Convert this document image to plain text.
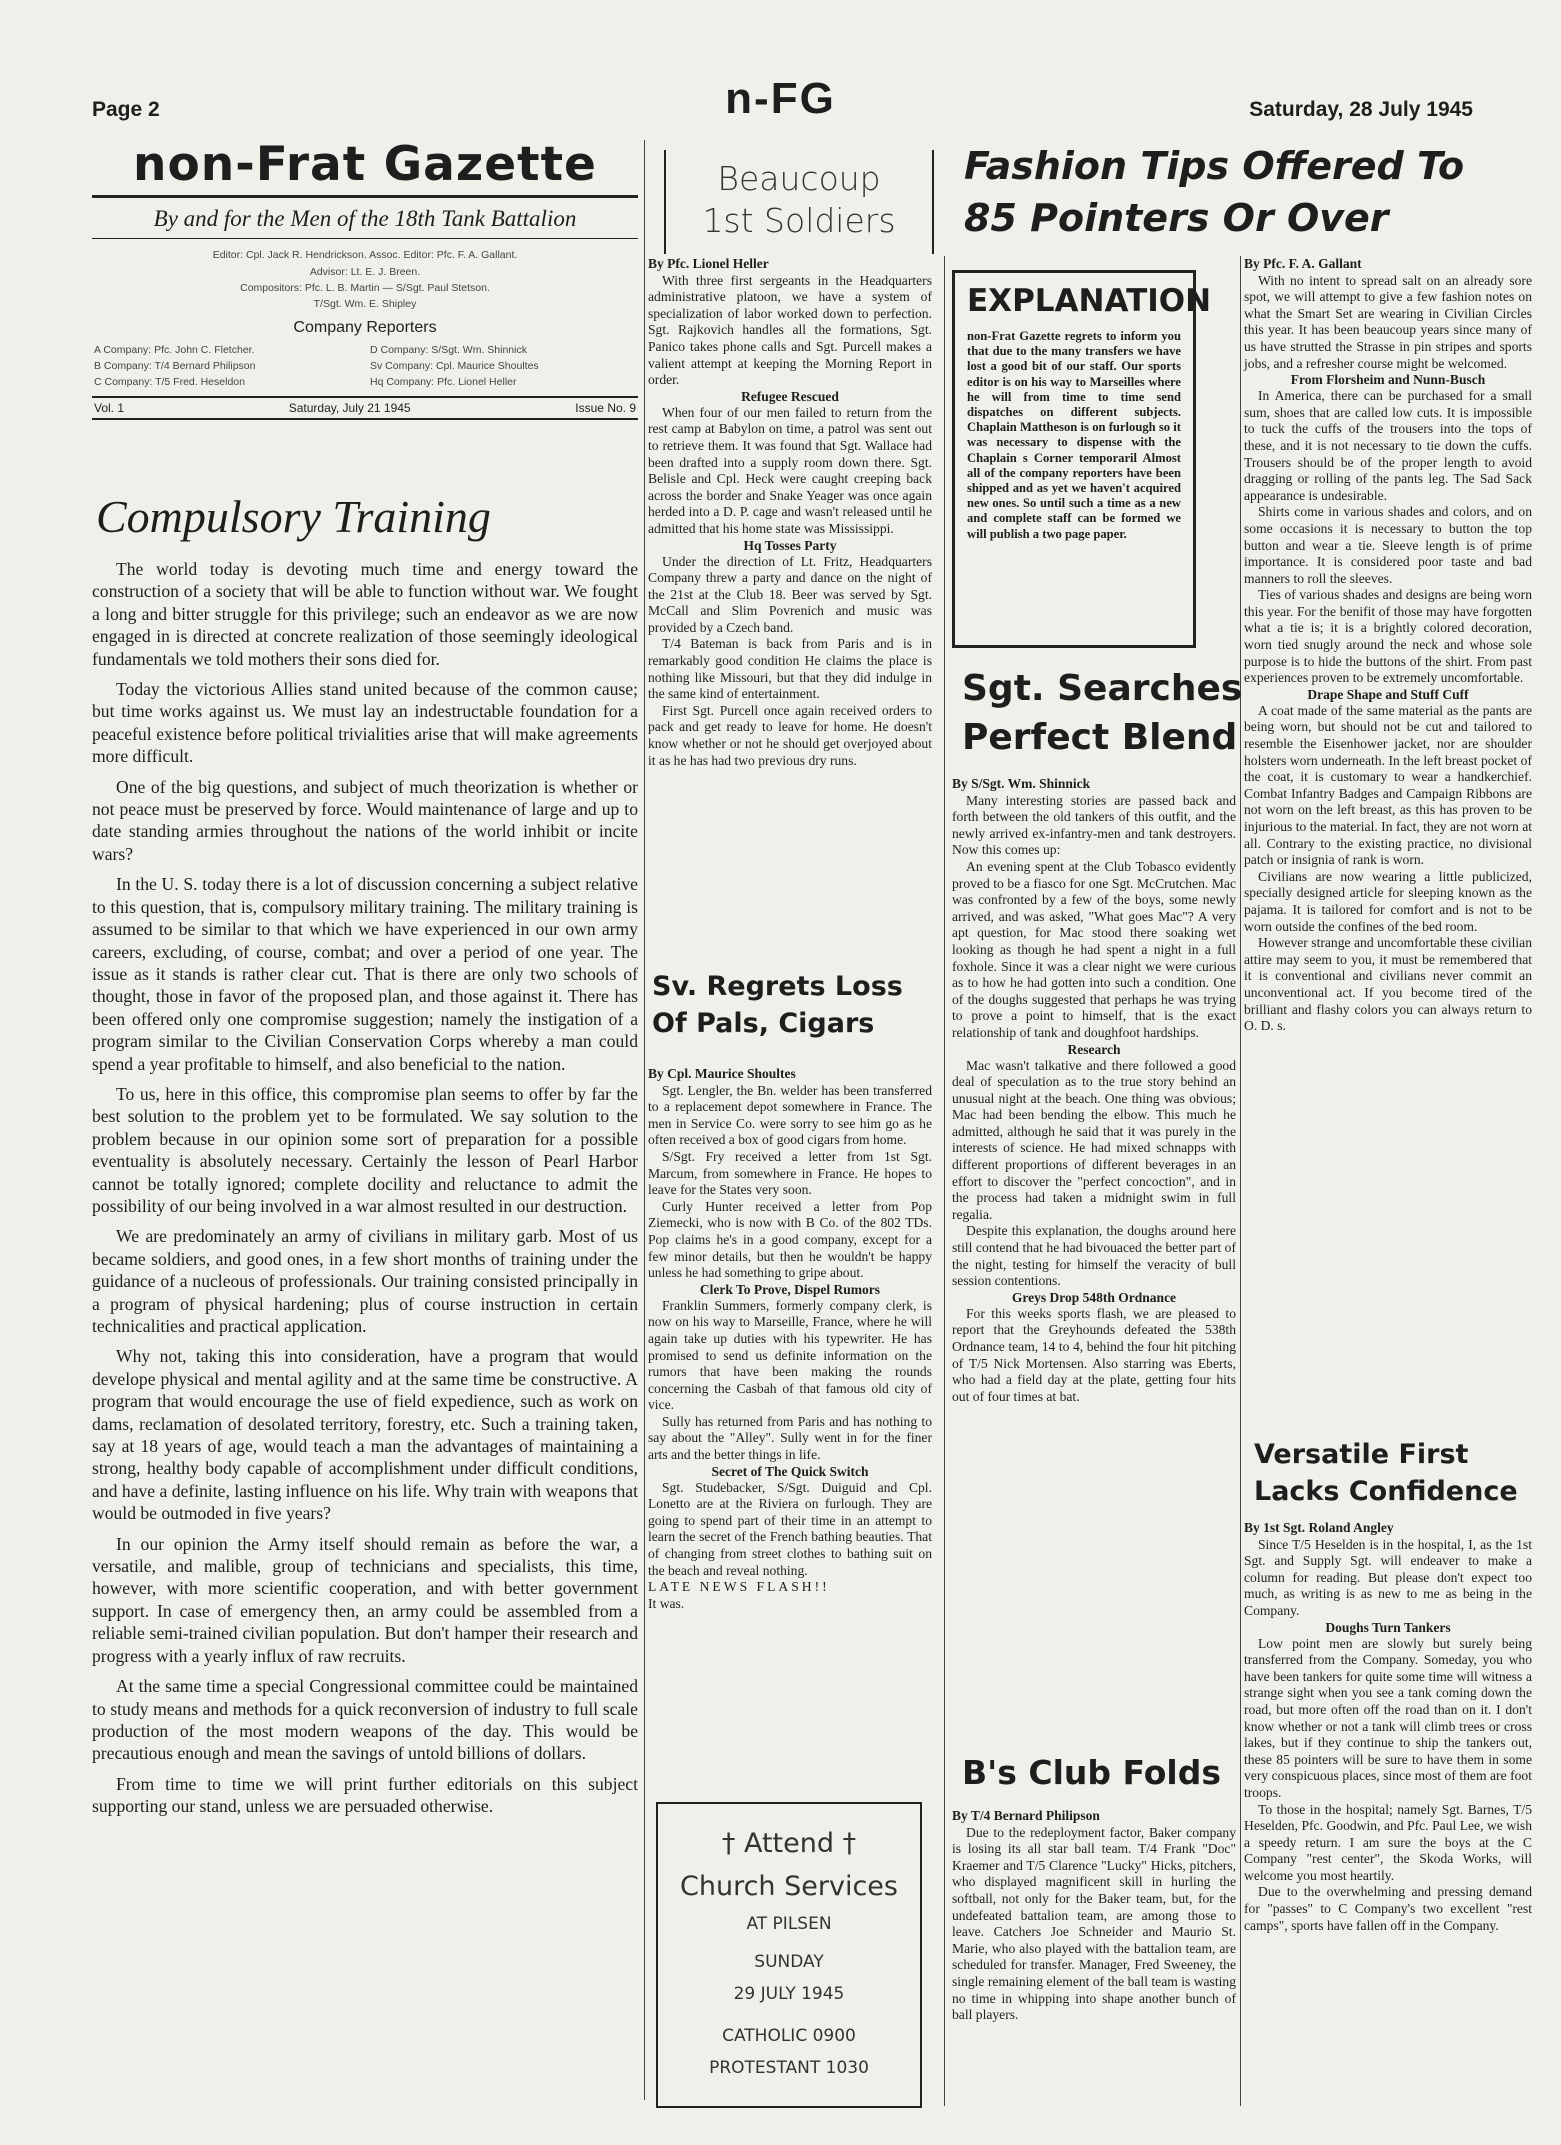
Page 2	n-FG	Saturday, 28 July 1945
non-Frat Gazette
By and for the Men of the 18th Tank Battalion
Editor: Cpl. Jack R. Hendrickson. Assoc. Editor: Pfc. F. A. Gallant.
Advisor: Lt. E. J. Breen.
Compositors: Pfc. L. B. Martin — S/Sgt. Paul Stetson.
T/Sgt. Wm. E. Shipley
Company Reporters
A Company: Pfc. John C. Fletcher.	D Company: S/Sgt. Wm. Shinnick
B Company: T/4 Bernard Philipson	Sv Company: Cpl. Maurice Shoultes
C Company: T/5 Fred. Heseldon	Hq Company: Pfc. Lionel Heller
Vol. 1	Saturday, July 21 1945	Issue No. 9
Compulsory Training

The world today is devoting much time and energy toward the construction of a society that will be able to function without war. We fought a long and bitter struggle for this privilege; such an endeavor as we are now engaged in is directed at concrete realization of those seemingly ideological fundamentals we told mothers their sons died for.

Today the victorious Allies stand united because of the common cause; but time works against us. We must lay an indestructable foundation for a peaceful existence before political trivialities arise that will make agreements more difficult.

One of the big questions, and subject of much theorization is whether or not peace must be preserved by force. Would maintenance of large and up to date standing armies throughout the nations of the world inhibit or incite wars?

In the U. S. today there is a lot of discussion concerning a subject relative to this question, that is, compulsory military training. The military training is assumed to be similar to that which we have experienced in our own army careers, excluding, of course, combat; and over a period of one year. The issue as it stands is rather clear cut. That is there are only two schools of thought, those in favor of the proposed plan, and those against it. There has been offered only one compromise suggestion; namely the instigation of a program similar to the Civilian Conservation Corps whereby a man could spend a year profitable to himself, and also beneficial to the nation.

To us, here in this office, this compromise plan seems to offer by far the best solution to the problem yet to be formulated. We say solution to the problem because in our opinion some sort of preparation for a possible eventuality is absolutely necessary. Certainly the lesson of Pearl Harbor cannot be totally ignored; complete docility and reluctance to admit the possibility of our being involved in a war almost resulted in our destruction.

We are predominately an army of civilians in military garb. Most of us became soldiers, and good ones, in a few short months of training under the guidance of a nucleous of professionals. Our training consisted principally in a program of physical hardening; plus of course instruction in certain technicalities and practical application.

Why not, taking this into consideration, have a program that would develope physical and mental agility and at the same time be constructive. A program that would encourage the use of field expedience, such as work on dams, reclamation of desolated territory, forestry, etc. Such a training taken, say at 18 years of age, would teach a man the advantages of maintaining a strong, healthy body capable of accomplishment under difficult conditions, and have a definite, lasting influence on his life. Why train with weapons that would be outmoded in five years?

In our opinion the Army itself should remain as before the war, a versatile, and malible, group of technicians and specialists, this time, however, with more scientific cooperation, and with better government support. In case of emergency then, an army could be assembled from a reliable semi-trained civilian population. But don't hamper their research and progress with a yearly influx of raw recruits.

At the same time a special Congressional committee could be maintained to study means and methods for a quick reconversion of industry to full scale production of the most modern weapons of the day. This would be precautious enough and mean the savings of untold billions of dollars.

From time to time we will print further editorials on this subject supporting our stand, unless we are persuaded otherwise.

Beaucoup
1st Soldiers
By Pfc. Lionel Heller

With three first sergeants in the Headquarters administrative platoon, we have a system of specialization of labor worked down to perfection. Sgt. Rajkovich handles all the formations, Sgt. Panico takes phone calls and Sgt. Purcell makes a valient attempt at keeping the Morning Report in order.

Refugee Rescued

When four of our men failed to return from the rest camp at Babylon on time, a patrol was sent out to retrieve them. It was found that Sgt. Wallace had been drafted into a supply room down there. Sgt. Belisle and Cpl. Heck were caught creeping back across the border and Snake Yeager was once again herded into a D. P. cage and wasn't released until he admitted that his home state was Mississippi.

Hq Tosses Party

Under the direction of Lt. Fritz, Headquarters Company threw a party and dance on the night of the 21st at the Club 18. Beer was served by Sgt. McCall and Slim Povrenich and music was provided by a Czech band.

T/4 Bateman is back from Paris and is in remarkably good condition He claims the place is nothing like Missouri, but that they did indulge in the same kind of entertainment.

First Sgt. Purcell once again received orders to pack and get ready to leave for home. He doesn't know whether or not he should get overjoyed about it as he has had two previous dry runs.

Sv. Regrets Loss
Of Pals, Cigars
By Cpl. Maurice Shoultes

Sgt. Lengler, the Bn. welder has been transferred to a replacement depot somewhere in France. The men in Service Co. were sorry to see him go as he often received a box of good cigars from home.

S/Sgt. Fry received a letter from 1st Sgt. Marcum, from somewhere in France. He hopes to leave for the States very soon.

Curly Hunter received a letter from Pop Ziemecki, who is now with B Co. of the 802 TDs. Pop claims he's in a good company, except for a few minor details, but then he wouldn't be happy unless he had something to gripe about.

Clerk To Prove, Dispel Rumors

Franklin Summers, formerly company clerk, is now on his way to Marseille, France, where he will again take up duties with his typewriter. He has promised to send us definite information on the rumors that have been making the rounds concerning the Casbah of that famous old city of vice.

Sully has returned from Paris and has nothing to say about the "Alley". Sully went in for the finer arts and the better things in life.

Secret of The Quick Switch

Sgt. Studebacker, S/Sgt. Duiguid and Cpl. Lonetto are at the Riviera on furlough. They are going to spend part of their time in an attempt to learn the secret of the French bathing beauties. That of changing from street clothes to bathing suit on the beach and reveal nothing.

LATE NEWS FLASH!!
It was.
† Attend †
Church Services
AT PILSEN
SUNDAY
29 JULY 1945
CATHOLIC 0900
PROTESTANT 1030
Fashion Tips Offered To
85 Pointers Or Over
EXPLANATION
non-Frat Gazette regrets to inform you that due to the many transfers we have lost a good bit of our staff. Our sports editor is on his way to Marseilles where he will from time to time send dispatches on different subjects. Chaplain Mattheson is on furlough so it was necessary to dispense with the Chaplain s Corner temporaril Almost all of the company reporters have been shipped and as yet we haven't acquired new ones. So until such a time as a new and complete staff can be formed we will publish a two page paper.
Sgt. Searches
Perfect Blend
By S/Sgt. Wm. Shinnick

Many interesting stories are passed back and forth between the old tankers of this outfit, and the newly arrived ex-infantry-men and tank destroyers. Now this comes up:

An evening spent at the Club Tobasco evidently proved to be a fiasco for one Sgt. McCrutchen. Mac was confronted by a few of the boys, some newly arrived, and was asked, "What goes Mac"? A very apt question, for Mac stood there soaking wet looking as though he had spent a night in a full foxhole. Since it was a clear night we were curious as to how he had gotten into such a condition. One of the doughs suggested that perhaps he was trying to prove a point to himself, that is the exact relationship of tank and doughfoot hardships.

Research

Mac wasn't talkative and there followed a good deal of speculation as to the true story behind an unusual night at the beach. One thing was obvious; Mac had been bending the elbow. This much he admitted, although he said that it was purely in the interests of science. He had mixed schnapps with different proportions of different beverages in an effort to discover the "perfect concoction", and in the process had taken a midnight swim in full regalia.

Despite this explanation, the doughs around here still contend that he had bivouaced the better part of the night, testing for himself the veracity of bull session contentions.

Greys Drop 548th Ordnance

For this weeks sports flash, we are pleased to report that the Greyhounds defeated the 538th Ordnance team, 14 to 4, behind the four hit pitching of T/5 Nick Mortensen. Also starring was Eberts, who had a field day at the plate, getting four hits out of four times at bat.

B's Club Folds
By T/4 Bernard Philipson

Due to the redeployment factor, Baker company is losing its all star ball team. T/4 Frank "Doc" Kraemer and T/5 Clarence "Lucky" Hicks, pitchers, who displayed magnificent skill in hurling the softball, not only for the Baker team, but, for the undefeated battalion team, are among those to leave. Catchers Joe Schneider and Maurio St. Marie, who also played with the battalion team, are scheduled for transfer. Manager, Fred Sweeney, the single remaining element of the ball team is wasting no time in whipping into shape another bunch of ball players.

By Pfc. F. A. Gallant

With no intent to spread salt on an already sore spot, we will attempt to give a few fashion notes on what the Smart Set are wearing in Civilian Circles this year. It has been beaucoup years since many of us have strutted the Strasse in pin stripes and sports jobs, and a refresher course might be welcomed.

From Florsheim and Nunn-Busch

In America, there can be purchased for a small sum, shoes that are called low cuts. It is impossible to tuck the cuffs of the trousers into the tops of these, and it is not necessary to tie down the cuffs. Trousers should be of the proper length to avoid dragging or rolling of the pants leg. The Sad Sack appearance is undesirable.

Shirts come in various shades and colors, and on some occasions it is necessary to button the top button and wear a tie. Sleeve length is of prime importance. It is considered poor taste and bad manners to roll the sleeves.

Ties of various shades and designs are being worn this year. For the benifit of those may have forgotten what a tie is; it is a brightly colored decoration, worn tied snugly around the neck and whose sole purpose is to hide the buttons of the shirt. From past experiences proven to be extremely uncomfortable.

Drape Shape and Stuff Cuff

A coat made of the same material as the pants are being worn, but should not be cut and tailored to resemble the Eisenhower jacket, nor are shoulder holsters worn underneath. In the left breast pocket of the coat, it is customary to wear a handkerchief. Combat Infantry Badges and Campaign Ribbons are not worn on the left breast, as this has proven to be injurious to the material. In fact, they are not worn at all. Contrary to the existing practice, no divisional patch or insignia of rank is worn.

Civilians are now wearing a little publicized, specially designed article for sleeping known as the pajama. It is tailored for comfort and is not to be worn outside the confines of the bed room.

However strange and uncomfortable these civilian attire may seem to you, it must be remembered that it is conventional and civilians never commit an unconventional act. If you become tired of the brilliant and flashy colors you can always return to O. D. s.

Versatile First
Lacks Confidence
By 1st Sgt. Roland Angley

Since T/5 Heselden is in the hospital, I, as the 1st Sgt. and Supply Sgt. will endeaver to make a column for reading. But please don't expect too much, as writing is as new to me as being in the Company.

Doughs Turn Tankers

Low point men are slowly but surely being transferred from the Company. Someday, you who have been tankers for quite some time will witness a strange sight when you see a tank coming down the road, but more often off the road than on it. I don't know whether or not a tank will climb trees or cross lakes, but if they continue to ship the tankers out, these 85 pointers will be sure to have them in some very conspicuous places, since most of them are foot troops.

To those in the hospital; namely Sgt. Barnes, T/5 Heselden, Pfc. Goodwin, and Pfc. Paul Lee, we wish a speedy return. I am sure the boys at the C Company "rest center", the Skoda Works, will welcome you most heartily.

Due to the overwhelming and pressing demand for "passes" to C Company's two excellent "rest camps", sports have fallen off in the Company.
